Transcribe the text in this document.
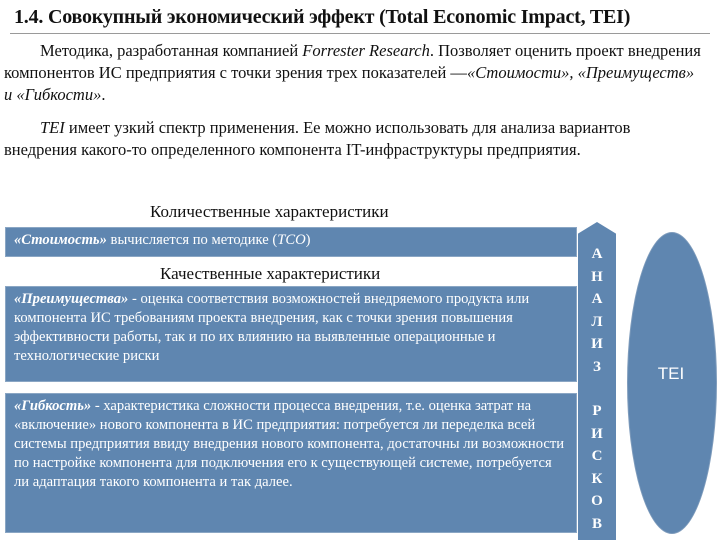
1.4. Совокупный экономический эффект (Total Economic Impact, TEI)
Методика, разработанная компанией Forrester Research. Позволяет оценить проект внедрения компонентов ИС предприятия с точки зрения трех показателей —«Стоимости», «Преимуществ» и «Гибкости».
TEI имеет узкий спектр применения. Ее можно использовать для анализа вариантов внедрения какого-то определенного компонента IT-инфраструктуры предприятия.
Количественные характеристики
«Стоимость» вычисляется по методике (TCO)
Качественные характеристики
«Преимущества» - оценка соответствия возможностей внедряемого продукта или компонента ИС требованиям проекта внедрения, как с точки зрения повышения эффективности работы, так и по их влиянию на выявленные операционные и технологические риски
«Гибкость» - характеристика сложности процесса внедрения, т.е. оценка затрат на «включение» нового компонента в ИС предприятия: потребуется ли переделка всей системы предприятия ввиду внедрения нового компонента, достаточны ли возможности по настройке компонента для подключения его к существующей системе, потребуется ли адаптация такого компонента и так далее.
А
Н
А
Л
И
З
Р
И
С
К
О
В
TEI
